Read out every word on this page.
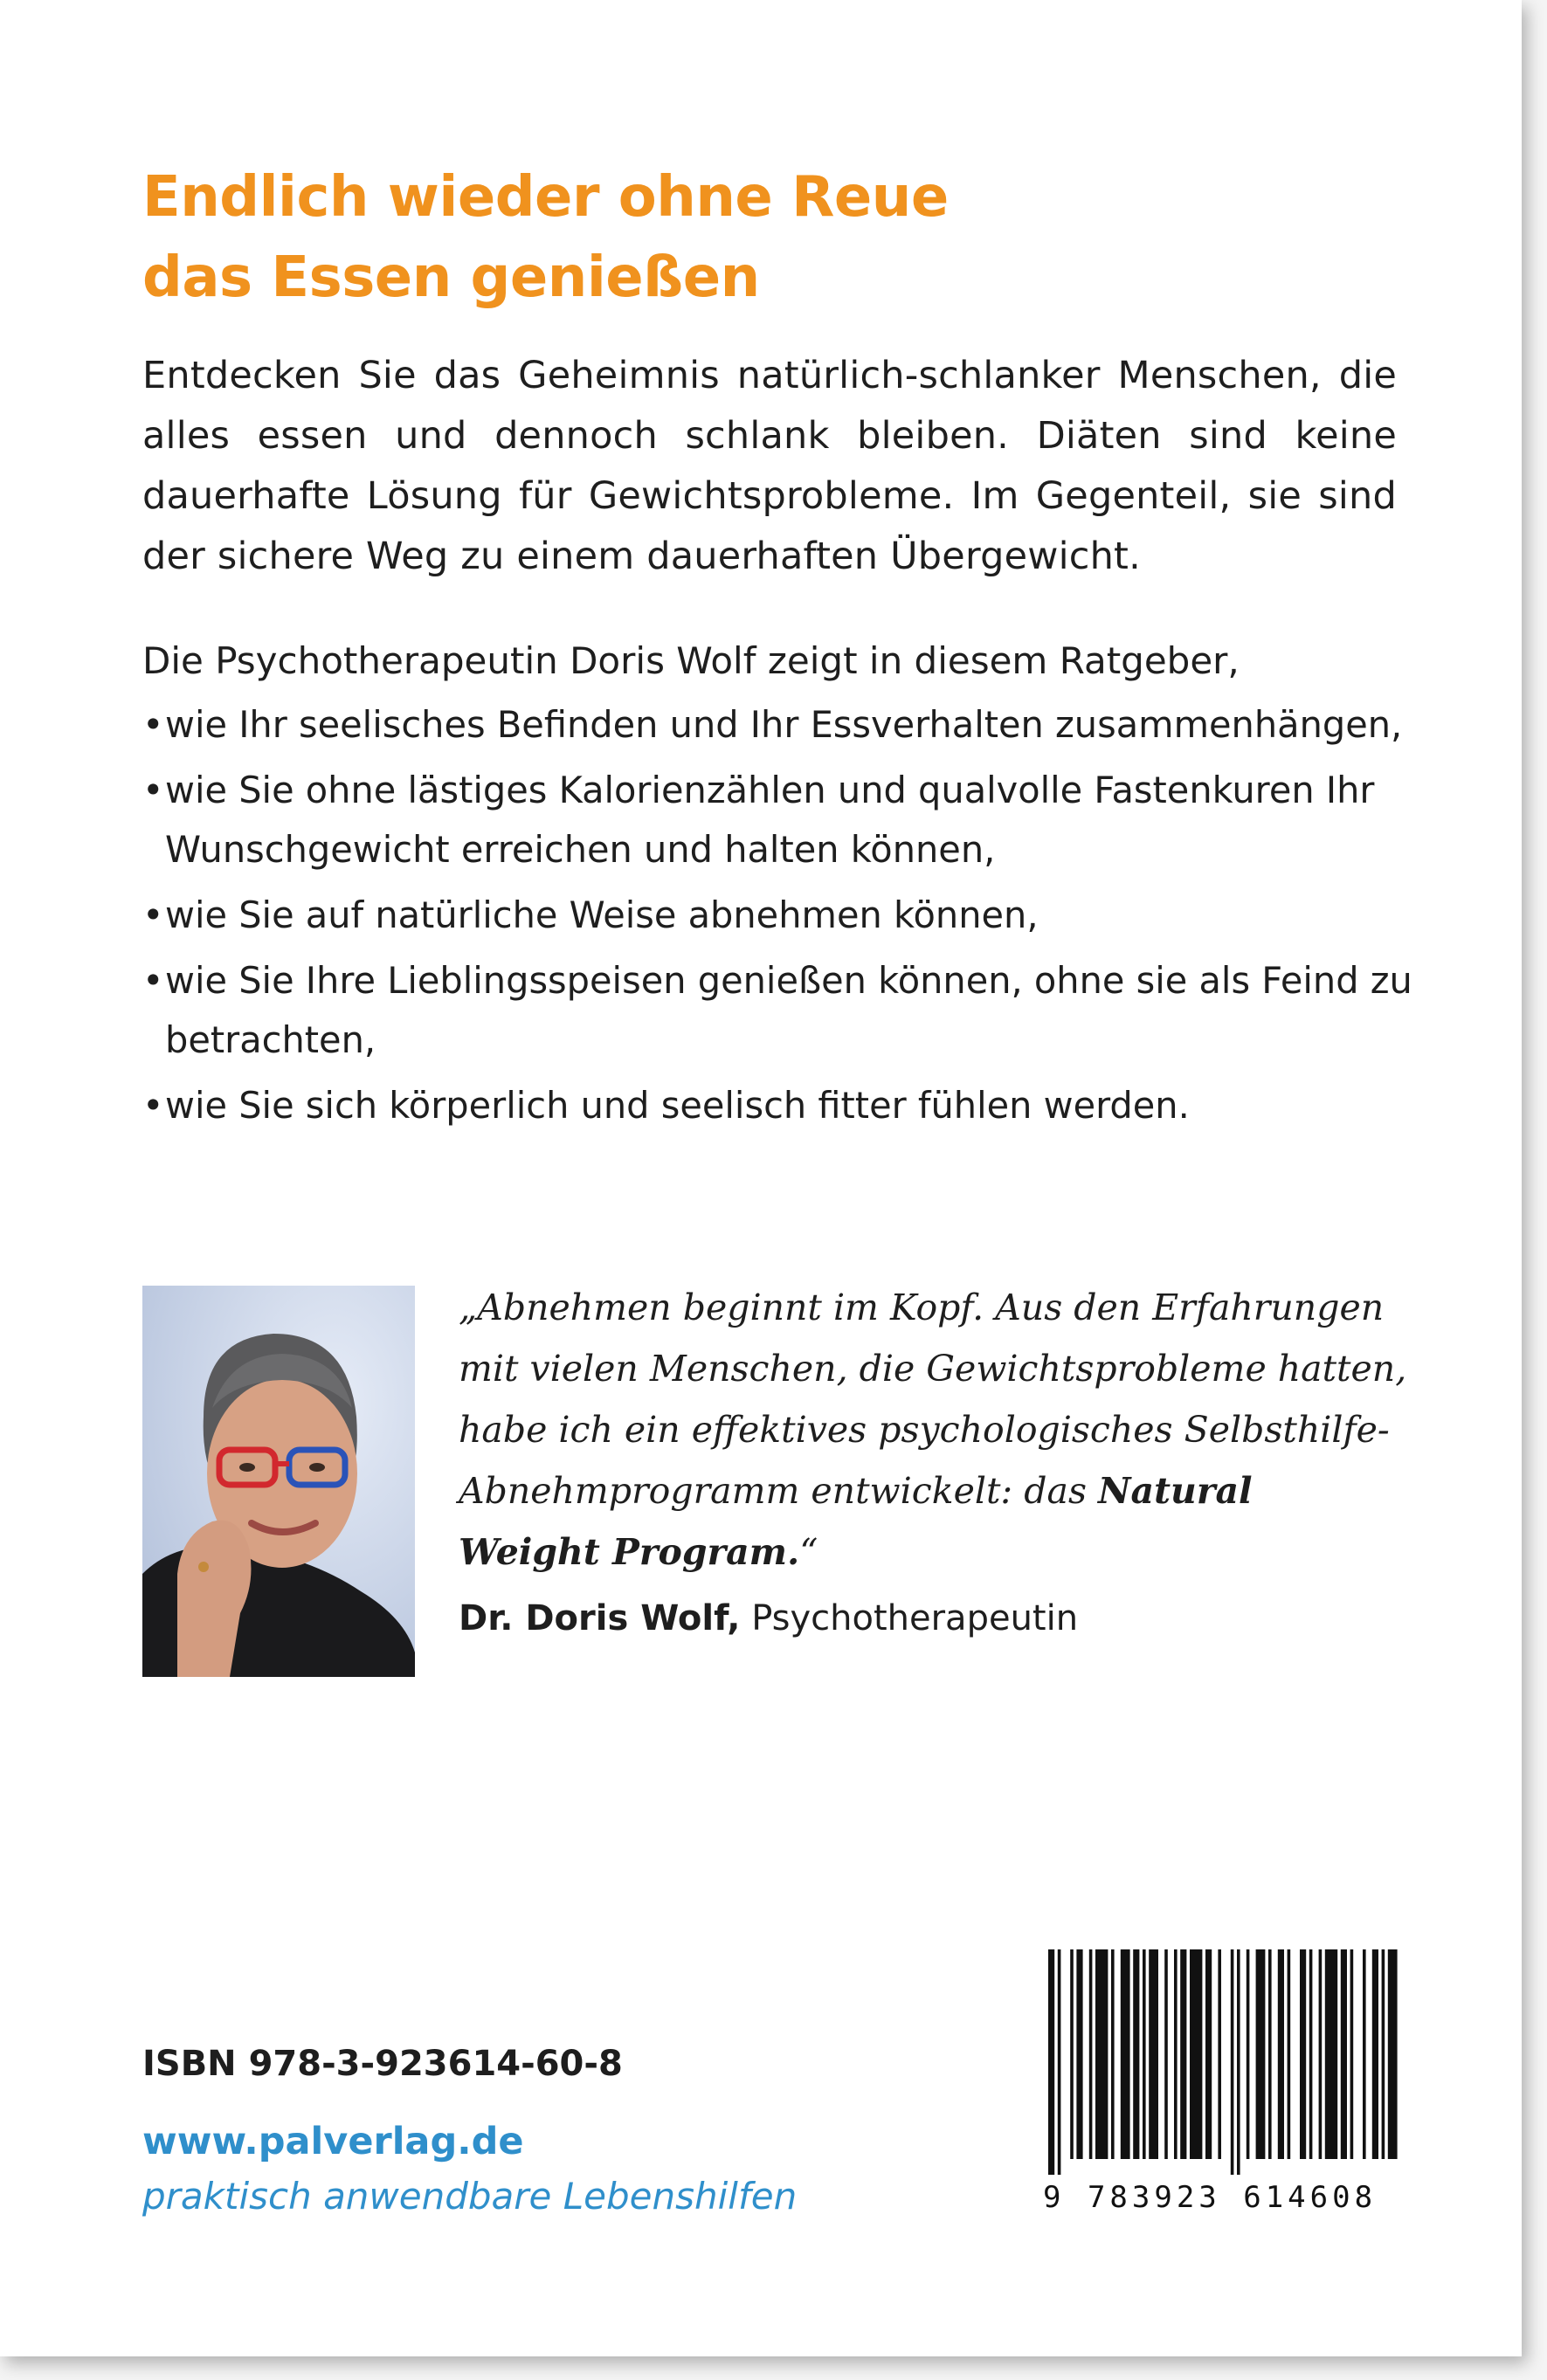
Endlich wieder ohne Reue
das Essen genießen
Entdecken Sie das Geheimnis natürlich-schlanker Menschen, die alles essen und dennoch schlank bleiben. Diäten sind keine dauerhafte Lösung für Gewichtsprobleme. Im Gegenteil, sie sind der sichere Weg zu einem dauerhaften Übergewicht.
Die Psychotherapeutin Doris Wolf zeigt in diesem Ratgeber,
• wie Ihr seelisches Befinden und Ihr Essverhalten zusammenhängen,
• wie Sie ohne lästiges Kalorienzählen und qualvolle Fastenkuren Ihr Wunschgewicht erreichen und halten können,
• wie Sie auf natürliche Weise abnehmen können,
• wie Sie Ihre Lieblingsspeisen genießen können, ohne sie als Feind zu betrachten,
• wie Sie sich körperlich und seelisch fitter fühlen werden.
„Abnehmen beginnt im Kopf. Aus den Erfahrungen
mit vielen Menschen, die Gewichtsprobleme hatten,
habe ich ein effektives psychologisches Selbsthilfe-
Abnehmprogramm entwickelt: das Natural
Weight Program.“
Dr. Doris Wolf, Psychotherapeutin
ISBN 978-3-923614-60-8
www.palverlag.de
praktisch anwendbare Lebenshilfen	9 783923 614608
